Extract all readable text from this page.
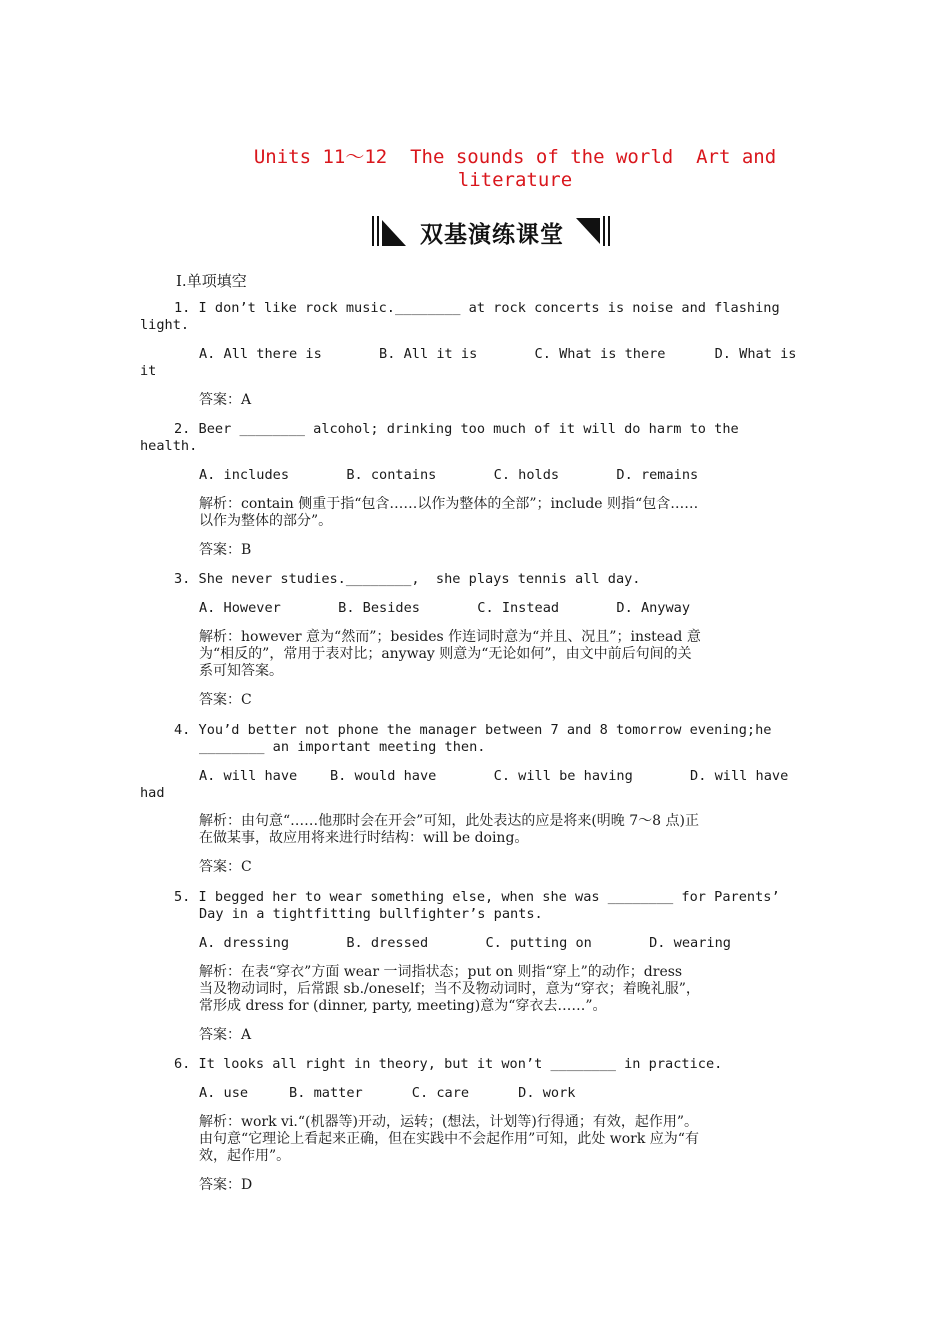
Units 11～12  The sounds of the world  Art and
literature
双基演练课堂
Ⅰ.单项填空
1. I don’t like rock music.________ at rock concerts is noise and flashing
light.
A. All there is       B. All it is       C. What is there      D. What is
it
答案：A
2. Beer ________ alcohol; drinking too much of it will do harm to the
health.
A. includes       B. contains       C. holds       D. remains
解析：contain 侧重于指“包含……以作为整体的全部”；include 则指“包含……
以作为整体的部分”。
答案：B
3. She never studies.________,  she plays tennis all day.
A. However       B. Besides       C. Instead       D. Anyway
解析：however 意为“然而”；besides 作连词时意为“并且、况且”；instead 意
为“相反的”，常用于表对比；anyway 则意为“无论如何”，由文中前后句间的关
系可知答案。
答案：C
4. You’d better not phone the manager between 7 and 8 tomorrow evening;he
________ an important meeting then.
A. will have    B. would have       C. will be having       D. will have
had
解析：由句意“……他那时会在开会”可知，此处表达的应是将来(明晚 7～8 点)正
在做某事，故应用将来进行时结构：will be doing。
答案：C
5. I begged her to wear something else, when she was ________ for Parents’
Day in a tightfitting bullfighter’s pants.
A. dressing       B. dressed       C. putting on       D. wearing
解析：在表“穿衣”方面 wear 一词指状态；put on 则指“穿上”的动作；dress
当及物动词时，后常跟 sb./oneself；当不及物动词时，意为“穿衣；着晚礼服”，
常形成 dress for (dinner, party, meeting)意为“穿衣去……”。
答案：A
6. It looks all right in theory, but it won’t ________ in practice.
A. use     B. matter      C. care      D. work
解析：work vi.“(机器等)开动，运转；(想法，计划等)行得通；有效，起作用”。
由句意“它理论上看起来正确，但在实践中不会起作用”可知，此处 work 应为“有
效，起作用”。
答案：D
